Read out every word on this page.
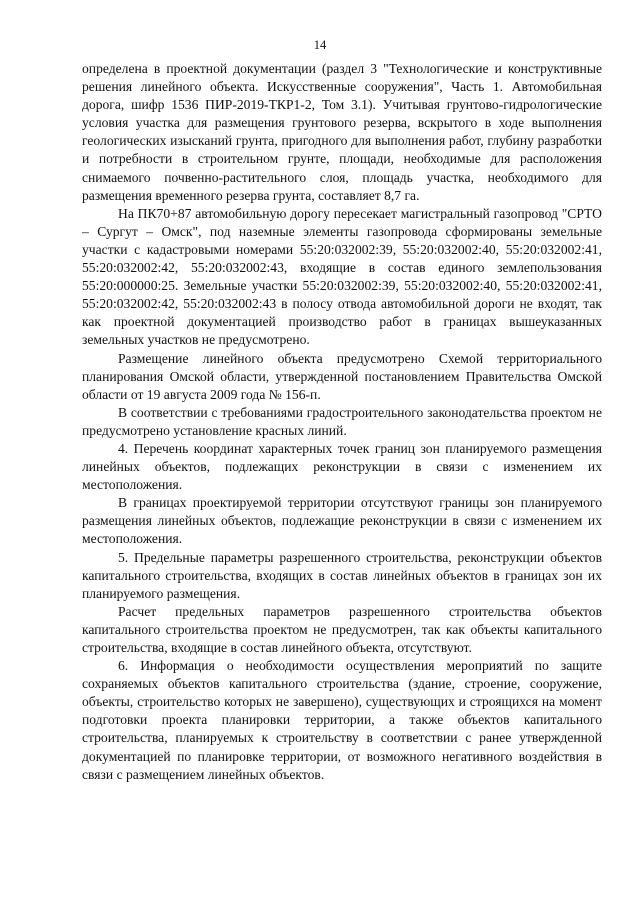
14

определена в проектной документации (раздел 3 "Технологические и конструктивные решения линейного объекта. Искусственные сооружения", Часть 1. Автомобильная дорога, шифр 1536 ПИР-2019-ТКР1-2, Том 3.1). Учитывая грунтово-гидрологические условия участка для размещения грунтового резерва, вскрытого в ходе выполнения геологических изысканий грунта, пригодного для выполнения работ, глубину разработки и потребности в строительном грунте, площади, необходимые для расположения снимаемого почвенно-растительного слоя, площадь участка, необходимого для размещения временного резерва грунта, составляет 8,7 га.

На ПК70+87 автомобильную дорогу пересекает магистральный газопровод "СРТО – Сургут – Омск", под наземные элементы газопровода сформированы земельные участки с кадастровыми номерами 55:20:032002:39, 55:20:032002:40, 55:20:032002:41, 55:20:032002:42, 55:20:032002:43, входящие в состав единого землепользования 55:20:000000:25. Земельные участки 55:20:032002:39, 55:20:032002:40, 55:20:032002:41, 55:20:032002:42, 55:20:032002:43 в полосу отвода автомобильной дороги не входят, так как проектной документацией производство работ в границах вышеуказанных земельных участков не предусмотрено.

Размещение линейного объекта предусмотрено Схемой территориального планирования Омской области, утвержденной постановлением Правительства Омской области от 19 августа 2009 года № 156-п.

В соответствии с требованиями градостроительного законодательства проектом не предусмотрено установление красных линий.

4. Перечень координат характерных точек границ зон планируемого размещения линейных объектов, подлежащих реконструкции в связи с изменением их местоположения.

В границах проектируемой территории отсутствуют границы зон планируемого размещения линейных объектов, подлежащие реконструкции в связи с изменением их местоположения.

5. Предельные параметры разрешенного строительства, реконструкции объектов капитального строительства, входящих в состав линейных объектов в границах зон их планируемого размещения.

Расчет предельных параметров разрешенного строительства объектов капитального строительства проектом не предусмотрен, так как объекты капитального строительства, входящие в состав линейного объекта, отсутствуют.

6. Информация о необходимости осуществления мероприятий по защите сохраняемых объектов капитального строительства (здание, строение, сооружение, объекты, строительство которых не завершено), существующих и строящихся на момент подготовки проекта планировки территории, а также объектов капитального строительства, планируемых к строительству в соответствии с ранее утвержденной документацией по планировке территории, от возможного негативного воздействия в связи с размещением линейных объектов.
